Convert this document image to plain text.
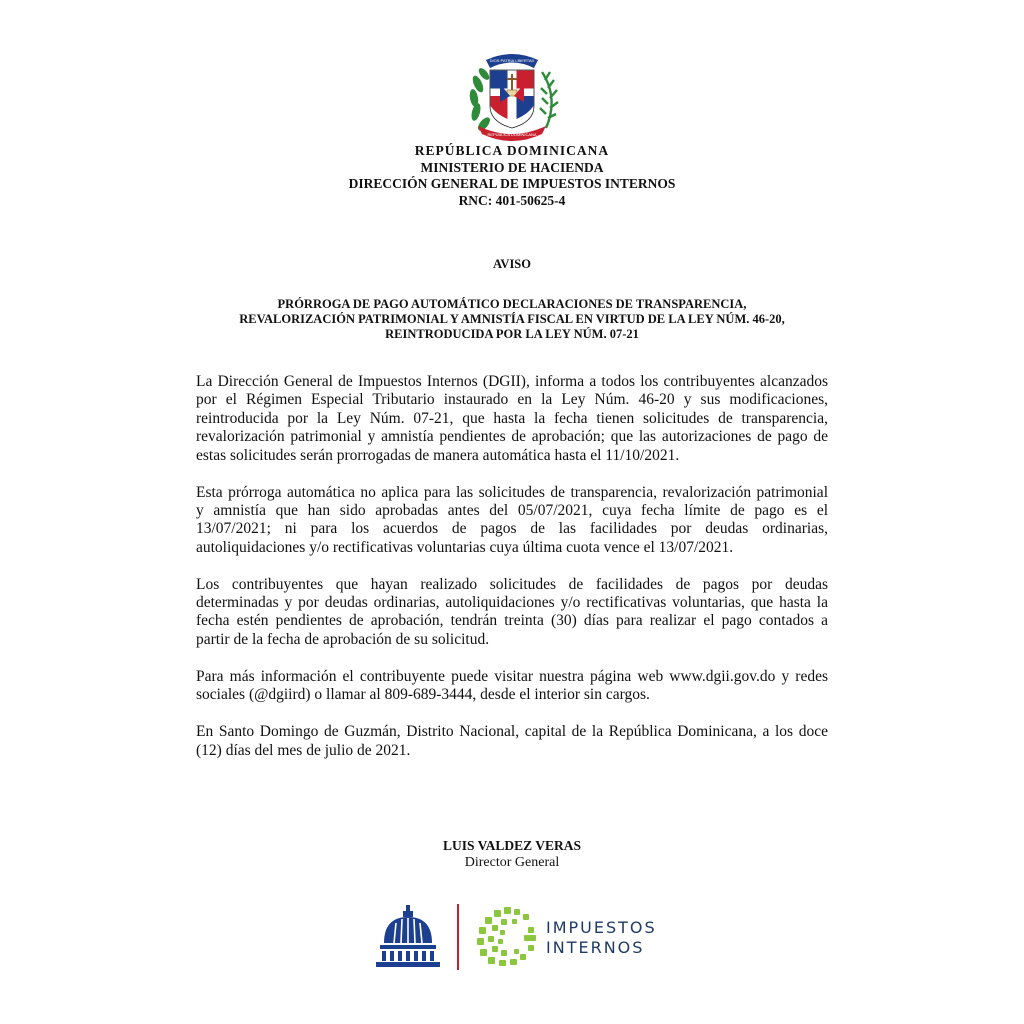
DIOS PATRIA LIBERTAD
REPÚBLICA DOMINICANA
REPÚBLICA DOMINICANA
MINISTERIO DE HACIENDA
DIRECCIÓN GENERAL DE IMPUESTOS INTERNOS
RNC: 401-50625-4
AVISO
PRÓRROGA DE PAGO AUTOMÁTICO DECLARACIONES DE TRANSPARENCIA,
REVALORIZACIÓN PATRIMONIAL Y AMNISTÍA FISCAL EN VIRTUD DE LA LEY NÚM. 46-20,
REINTRODUCIDA POR LA LEY NÚM. 07-21
La Dirección General de Impuestos Internos (DGII), informa a todos los contribuyentes alcanzados
por el Régimen Especial Tributario instaurado en la Ley Núm. 46-20 y sus modificaciones,
reintroducida por la Ley Núm. 07-21, que hasta la fecha tienen solicitudes de transparencia,
revalorización patrimonial y amnistía pendientes de aprobación; que las autorizaciones de pago de
estas solicitudes serán prorrogadas de manera automática hasta el 11/10/2021.
Esta prórroga automática no aplica para las solicitudes de transparencia, revalorización patrimonial
y amnistía que han sido aprobadas antes del 05/07/2021, cuya fecha límite de pago es el
13/07/2021; ni para los acuerdos de pagos de las facilidades por deudas ordinarias,
autoliquidaciones y/o rectificativas voluntarias cuya última cuota vence el 13/07/2021.
Los contribuyentes que hayan realizado solicitudes de facilidades de pagos por deudas
determinadas y por deudas ordinarias, autoliquidaciones y/o rectificativas voluntarias, que hasta la
fecha estén pendientes de aprobación, tendrán treinta (30) días para realizar el pago contados a
partir de la fecha de aprobación de su solicitud.
Para más información el contribuyente puede visitar nuestra página web www.dgii.gov.do y redes
sociales (@dgiird) o llamar al 809-689-3444, desde el interior sin cargos.
En Santo Domingo de Guzmán, Distrito Nacional, capital de la República Dominicana, a los doce
(12) días del mes de julio de 2021.
LUIS VALDEZ VERAS
Director General
IMPUESTOS
INTERNOS
